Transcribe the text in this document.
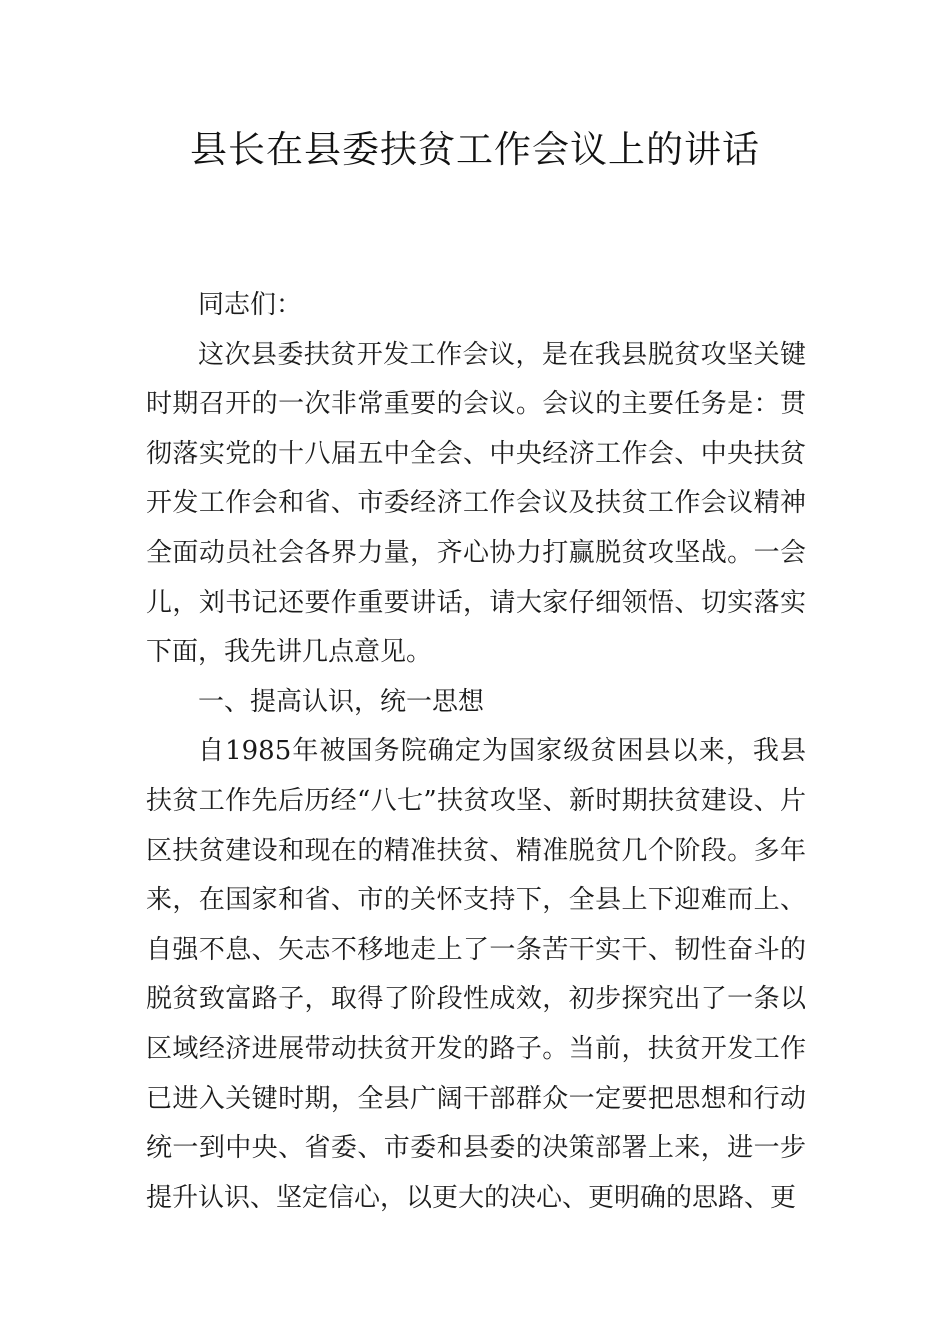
县长在县委扶贫工作会议上的讲话

同志们：

这次县委扶贫开发工作会议，是在我县脱贫攻坚关键时期召开的一次非常重要的会议。会议的主要任务是：贯彻落实党的十八届五中全会、中央经济工作会、中央扶贫开发工作会和省、市委经济工作会议及扶贫工作会议精神全面动员社会各界力量，齐心协力打赢脱贫攻坚战。一会儿，刘书记还要作重要讲话，请大家仔细领悟、切实落实下面，我先讲几点意见。

一、提高认识，统一思想

自1985年被国务院确定为国家级贫困县以来，我县扶贫工作先后历经“八七”扶贫攻坚、新时期扶贫建设、片区扶贫建设和现在的精准扶贫、精准脱贫几个阶段。多年来，在国家和省、市的关怀支持下，全县上下迎难而上、自强不息、矢志不移地走上了一条苦干实干、韧性奋斗的脱贫致富路子，取得了阶段性成效，初步探究出了一条以区域经济进展带动扶贫开发的路子。当前，扶贫开发工作已进入关键时期，全县广阔干部群众一定要把思想和行动统一到中央、省委、市委和县委的决策部署上来，进一步提升认识、坚定信心，以更大的决心、更明确的思路、更
